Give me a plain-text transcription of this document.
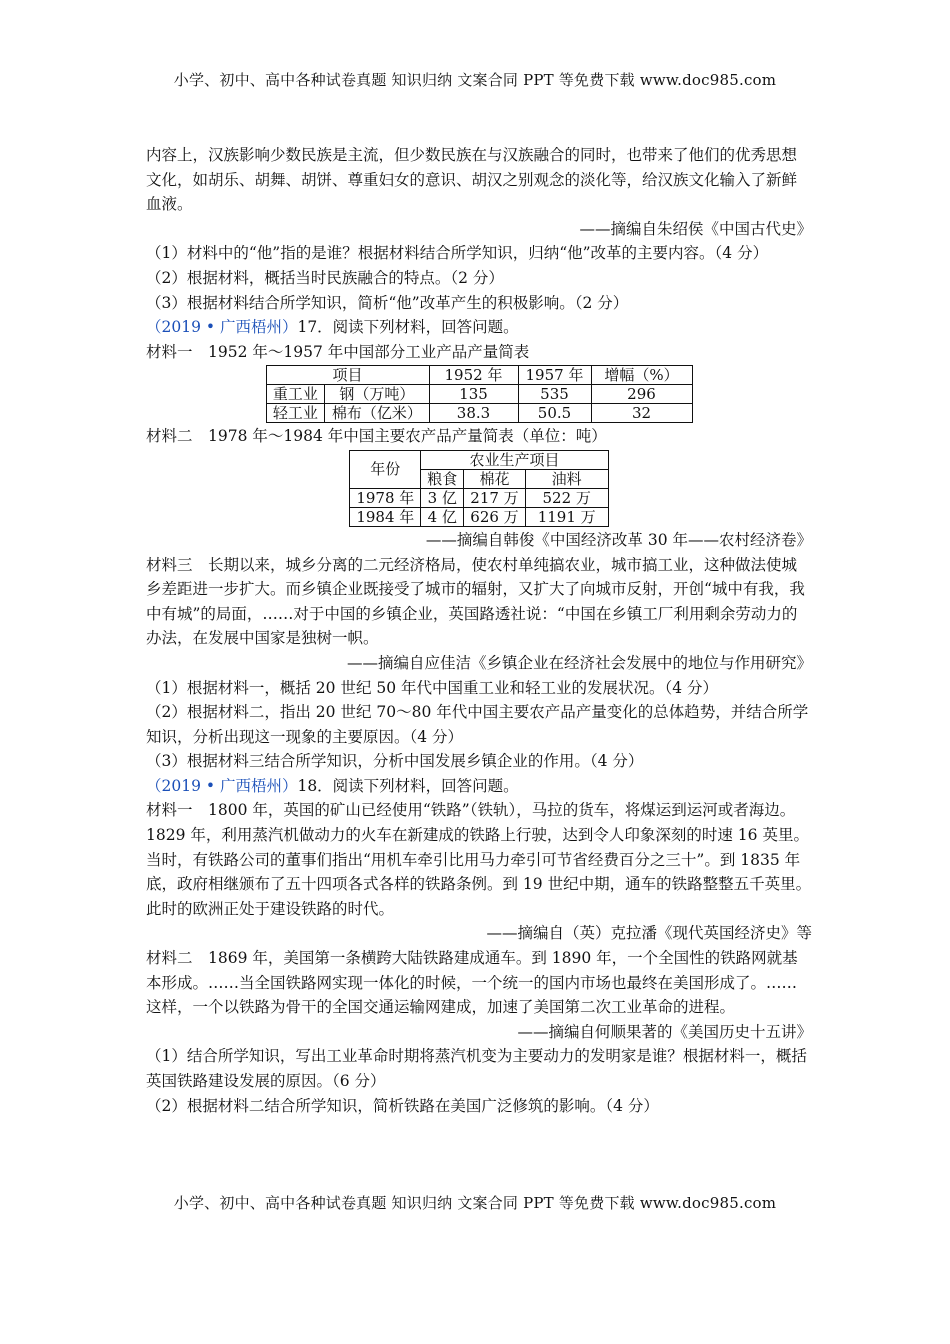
小学、初中、高中各种试卷真题 知识归纳 文案合同 PPT 等免费下载 www.doc985.com
内容上，汉族影响少数民族是主流，但少数民族在与汉族融合的同时，也带来了他们的优秀思想文化，如胡乐、胡舞、胡饼、尊重妇女的意识、胡汉之别观念的淡化等，给汉族文化输入了新鲜血液。
——摘编自朱绍侯《中国古代史》
（1）材料中的“他”指的是谁？根据材料结合所学知识，归纳“他”改革的主要内容。（4 分）
（2）根据材料，概括当时民族融合的特点。（2 分）
（3）根据材料结合所学知识，简析“他”改革产生的积极影响。（2 分）
（2019 • 广西梧州）17．阅读下列材料，回答问题。
材料一　1952 年～1957 年中国部分工业产品产量简表
项目		1952 年	1957 年	增幅（%）
重工业	钢（万吨）	135	535	296
轻工业	棉布（亿米）	38.3	50.5	32
材料二　1978 年～1984 年中国主要农产品产量简表（单位：吨）
年份	农业生产项目		
	粮食	棉花	油料
1978 年	3 亿	217 万	522 万
1984 年	4 亿	626 万	1191 万
——摘编自韩俊《中国经济改革 30 年——农村经济卷》
材料三　长期以来，城乡分离的二元经济格局，使农村单纯搞农业，城市搞工业，这种做法使城乡差距进一步扩大。而乡镇企业既接受了城市的辐射，又扩大了向城市反射，开创“城中有我，我中有城”的局面，……对于中国的乡镇企业，英国路透社说：“中国在乡镇工厂利用剩余劳动力的办法，在发展中国家是独树一帜。
——摘编自应佳洁《乡镇企业在经济社会发展中的地位与作用研究》
（1）根据材料一，概括 20 世纪 50 年代中国重工业和轻工业的发展状况。（4 分）
（2）根据材料二，指出 20 世纪 70～80 年代中国主要农产品产量变化的总体趋势，并结合所学知识，分析出现这一现象的主要原因。（4 分）
（3）根据材料三结合所学知识，分析中国发展乡镇企业的作用。（4 分）
（2019 • 广西梧州）18．阅读下列材料，回答问题。
材料一　1800 年，英国的矿山已经使用“铁路”（铁轨），马拉的货车，将煤运到运河或者海边。1829 年，利用蒸汽机做动力的火车在新建成的铁路上行驶，达到令人印象深刻的时速 16 英里。当时，有铁路公司的董事们指出“用机车牵引比用马力牵引可节省经费百分之三十”。到 1835 年底，政府相继颁布了五十四项各式各样的铁路条例。到 19 世纪中期，通车的铁路整整五千英里。此时的欧洲正处于建设铁路的时代。
——摘编自（英）克拉潘《现代英国经济史》等
材料二　1869 年，美国第一条横跨大陆铁路建成通车。到 1890 年，一个全国性的铁路网就基本形成。……当全国铁路网实现一体化的时候，一个统一的国内市场也最终在美国形成了。……这样，一个以铁路为骨干的全国交通运输网建成，加速了美国第二次工业革命的进程。
——摘编自何顺果著的《美国历史十五讲》
（1）结合所学知识，写出工业革命时期将蒸汽机变为主要动力的发明家是谁？根据材料一，概括英国铁路建设发展的原因。（6 分）
（2）根据材料二结合所学知识，简析铁路在美国广泛修筑的影响。（4 分）
小学、初中、高中各种试卷真题 知识归纳 文案合同 PPT 等免费下载 www.doc985.com
